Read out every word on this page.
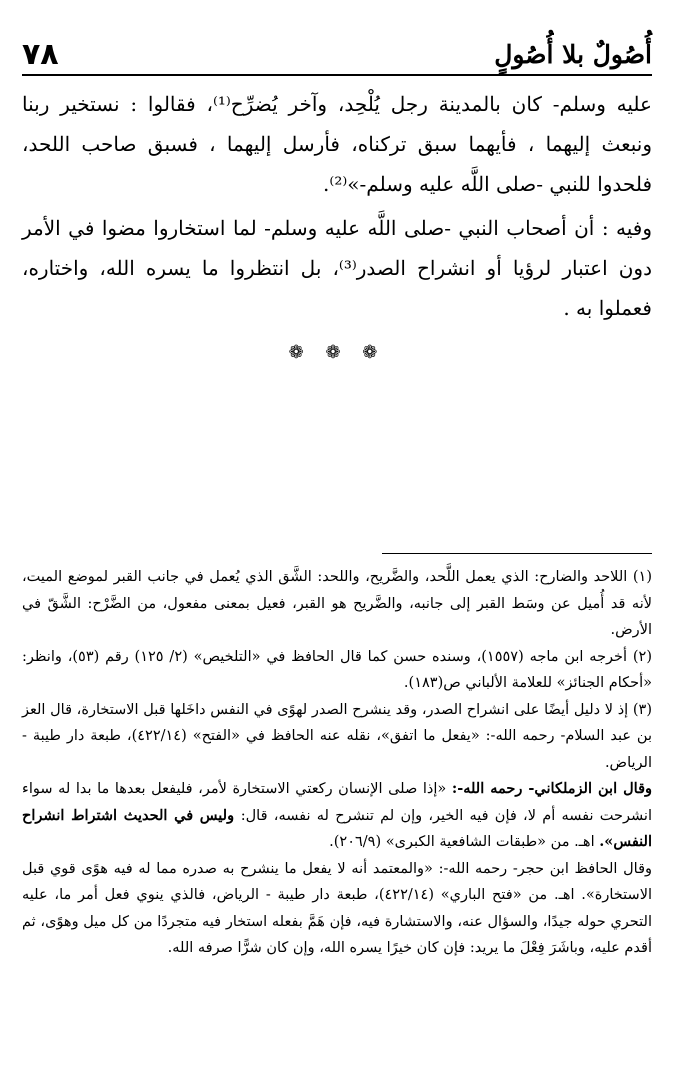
أُصُولٌ بلا أُصُولٍ
٧٨

عليه وسلم- كان بالمدينة رجل يُلْحِد، وآخر يُضرِّح⁽¹⁾، فقالوا : نستخير ربنا ونبعث إليهما ، فأيهما سبق تركناه، فأرسل إليهما ، فسبق صاحب اللحد، فلحدوا للنبي -صلى اللَّه عليه وسلم-»⁽²⁾.

وفيه : أن أصحاب النبي -صلى اللَّه عليه وسلم- لما استخاروا مضوا في الأمر دون اعتبار لرؤيا أو انشراح الصدر⁽³⁾، بل انتظروا ما يسره الله، واختاره، فعملوا به .

❁ ❁ ❁

(١) اللاحد والضارح: الذي يعمل اللَّحد، والضَّريح، واللحد: الشَّق الذي يُعمل في جانب القبر لموضع الميت، لأنه قد أُميل عن وسَط القبر إلى جانبه، والضَّريح هو القبر، فعيل بمعنى مفعول، من الضَّرْح: الشَّقّ في الأرض.

(٢) أخرجه ابن ماجه (١٥٥٧)، وسنده حسن كما قال الحافظ في «التلخيص» (٢/ ١٢٥) رقم (٥٣)، وانظر: «أحكام الجنائز» للعلامة الألباني ص(١٨٣).

(٣) إذ لا دليل أيضًا على انشراح الصدر، وقد ينشرح الصدر لهوًى في النفس داخَلها قبل الاستخارة، قال العز بن عبد السلام- رحمه الله-: «يفعل ما اتفق»، نقله عنه الحافظ في «الفتح» (٤٢٢/١٤)، طبعة دار طيبة - الرياض.

وقال ابن الزملكاني- رحمه الله-: «إذا صلى الإنسان ركعتي الاستخارة لأمر، فليفعل بعدها ما بدا له سواء انشرحت نفسه أم لا، فإن فيه الخير، وإن لم تنشرح له نفسه، قال: وليس في الحديث اشتراط انشراح النفس». اهـ. من «طبقات الشافعية الكبرى» (٢٠٦/٩).

وقال الحافظ ابن حجر- رحمه الله-: «والمعتمد أنه لا يفعل ما ينشرح به صدره مما له فيه هوًى قوي قبل الاستخارة». اهـ. من «فتح الباري» (٤٢٢/١٤)، طبعة دار طيبة - الرياض، فالذي ينوي فعل أمر ما، عليه التحري حوله جيدًا، والسؤال عنه، والاستشارة فيه، فإن هَمَّ بفعله استخار فيه متجردًا من كل ميل وهوًى، ثم أقدم عليه، وباشَرَ فِعْلَ ما يريد: فإن كان خيرًا يسره الله، وإن كان شرًّا صرفه الله.
